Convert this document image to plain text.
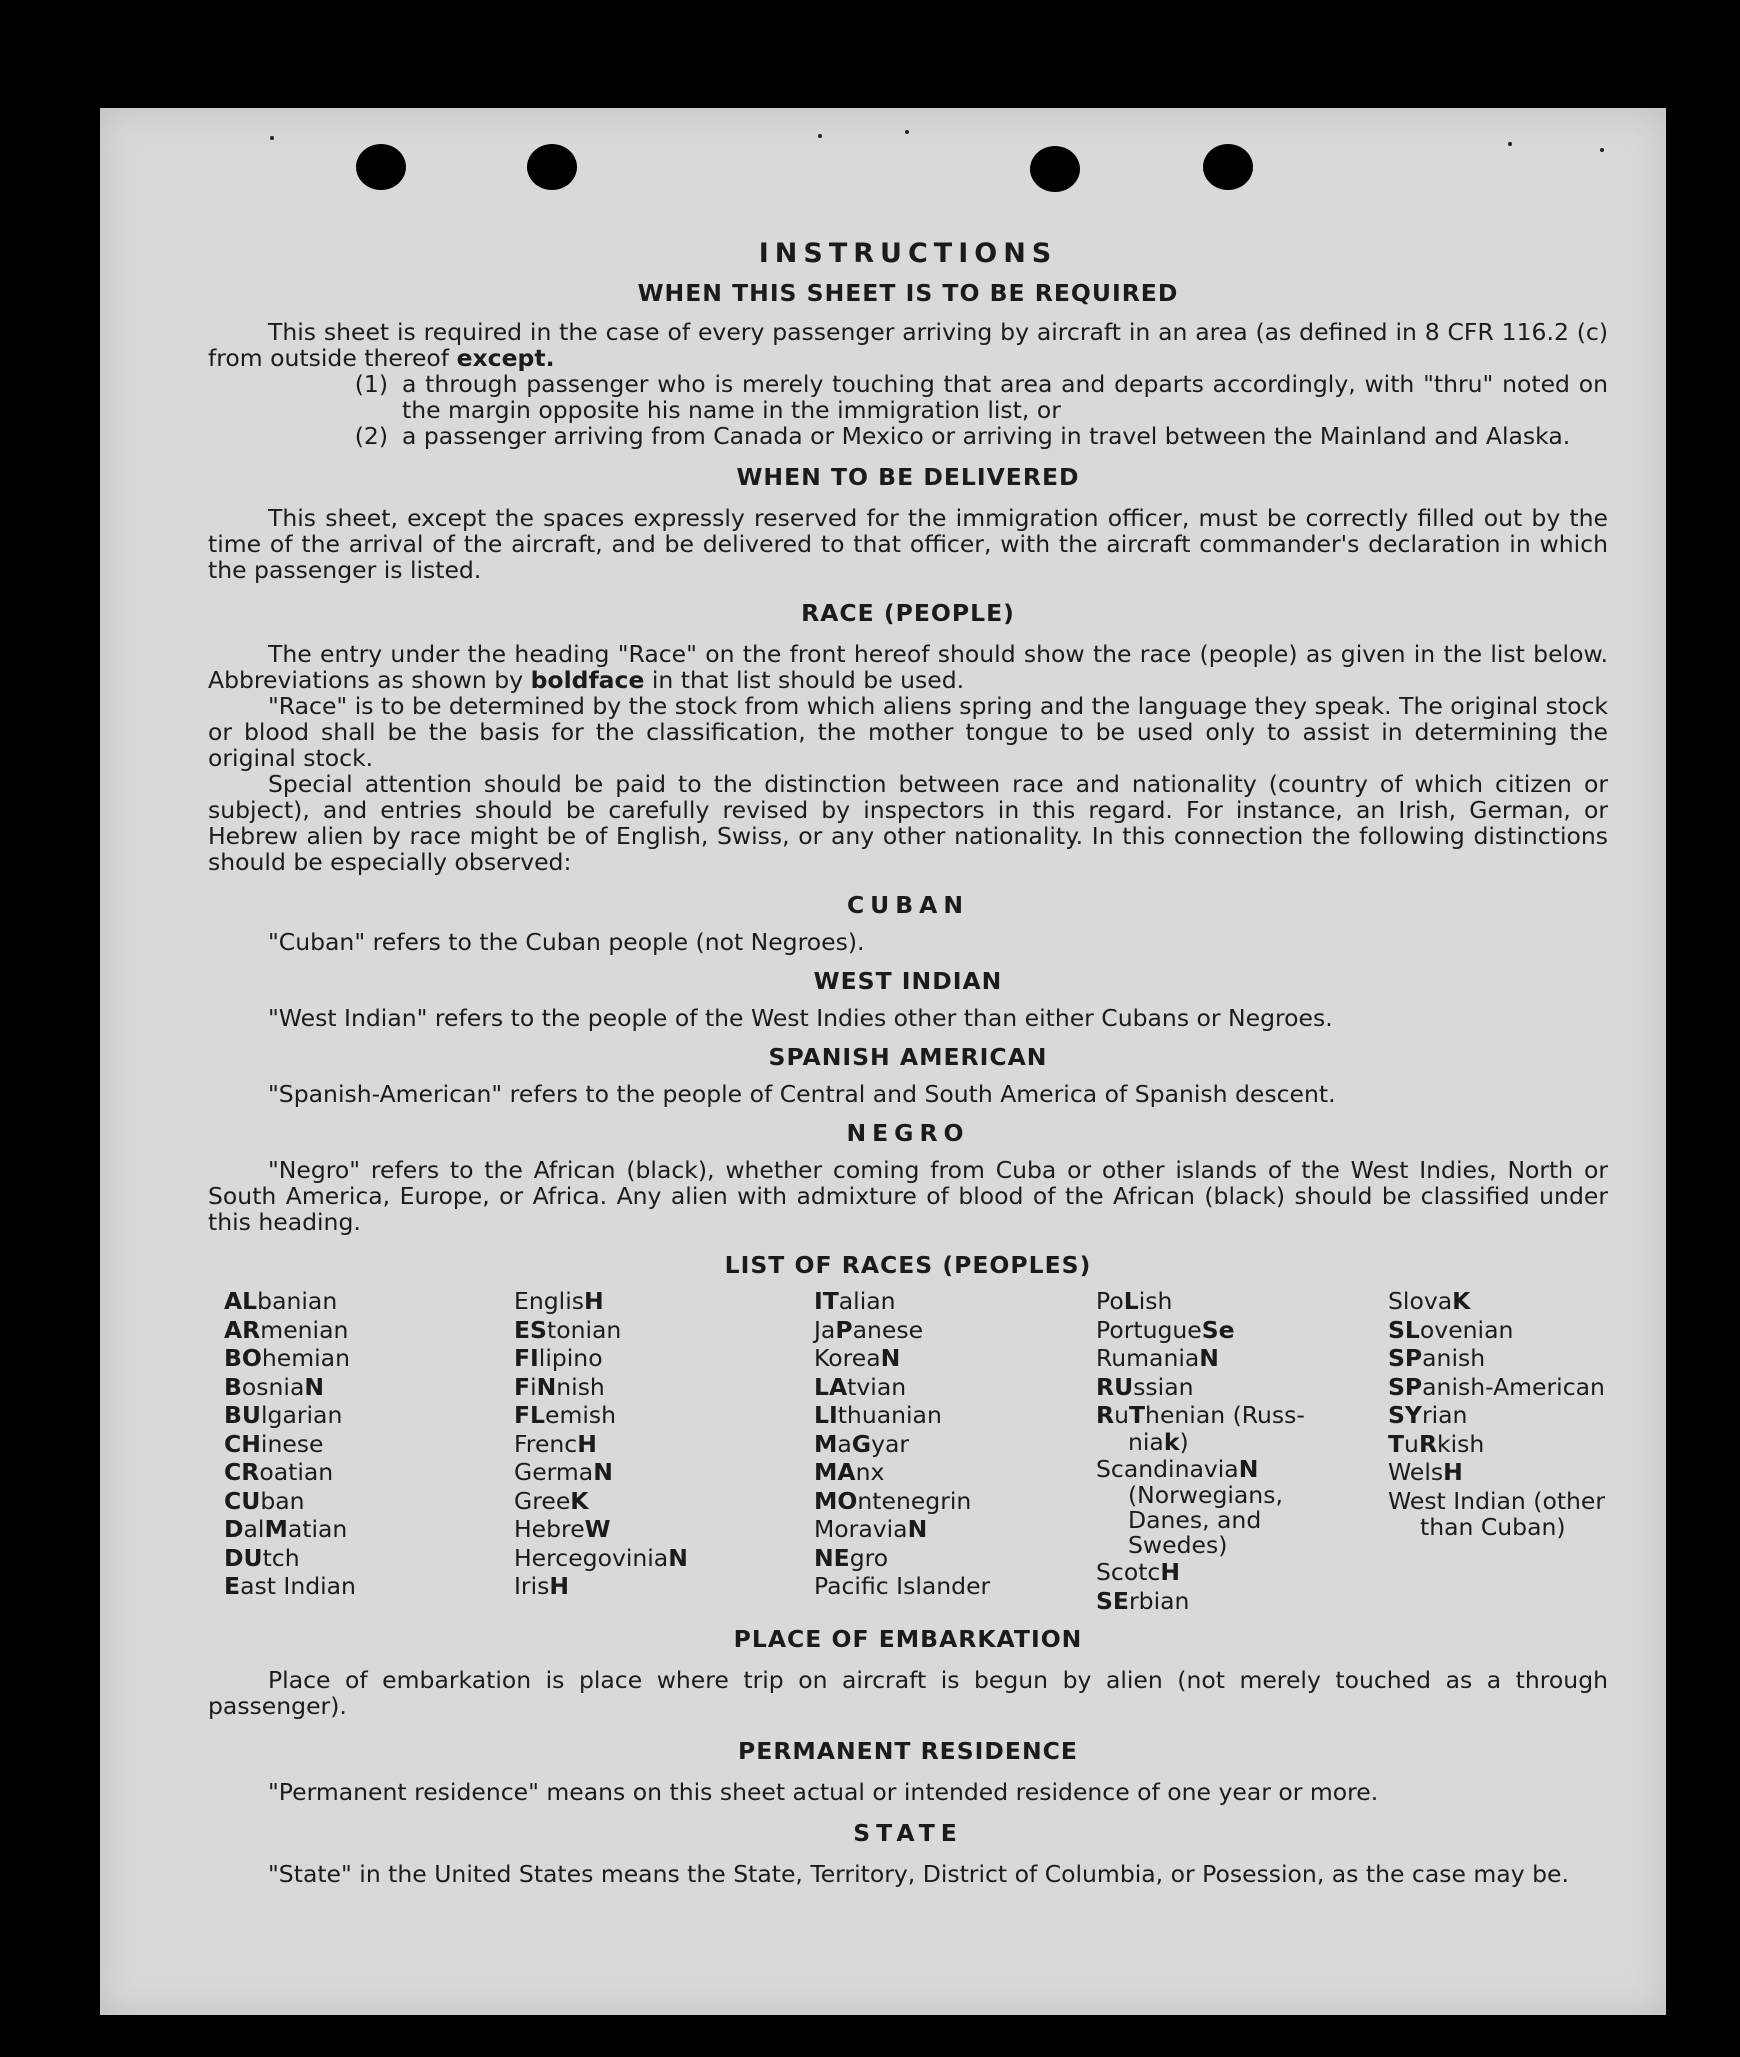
INSTRUCTIONS
WHEN THIS SHEET IS TO BE REQUIRED

This sheet is required in the case of every passenger arriving by aircraft in an area (as defined in 8 CFR 116.2 (c) from outside thereof except.

(1) a through passenger who is merely touching that area and departs accordingly, with "thru" noted on the margin opposite his name in the immigration list, or
(2) a passenger arriving from Canada or Mexico or arriving in travel between the Mainland and Alaska.
WHEN TO BE DELIVERED

This sheet, except the spaces expressly reserved for the immigration officer, must be correctly filled out by the time of the arrival of the aircraft, and be delivered to that officer, with the aircraft commander's declaration in which the passenger is listed.

RACE (PEOPLE)

The entry under the heading "Race" on the front hereof should show the race (people) as given in the list below. Abbreviations as shown by boldface in that list should be used.

"Race" is to be determined by the stock from which aliens spring and the language they speak. The original stock or blood shall be the basis for the classification, the mother tongue to be used only to assist in determining the original stock.

Special attention should be paid to the distinction between race and nationality (country of which citizen or subject), and entries should be carefully revised by inspectors in this regard. For instance, an Irish, German, or Hebrew alien by race might be of English, Swiss, or any other nationality. In this connection the following distinctions should be especially observed:

CUBAN

"Cuban" refers to the Cuban people (not Negroes).

WEST INDIAN

"West Indian" refers to the people of the West Indies other than either Cubans or Negroes.

SPANISH AMERICAN

"Spanish-American" refers to the people of Central and South America of Spanish descent.

NEGRO

"Negro" refers to the African (black), whether coming from Cuba or other islands of the West Indies, North or South America, Europe, or Africa. Any alien with admixture of blood of the African (black) should be classified under this heading.

LIST OF RACES (PEOPLES)
ALbanian
ARmenian
BOhemian
BosniaN
BUlgarian
CHinese
CRoatian
CUban
DalMatian
DUtch
East Indian
EnglisH
EStonian
FIlipino
FiNnish
FLemish
FrencH
GermaN
GreeK
HebreW
HercegoviniaN
IrisH
ITalian
JaPanese
KoreaN
LAtvian
LIthuanian
MaGyar
MAnx
MOntenegrin
MoraviaN
NEgro
Pacific Islander
PoLish
PortugueSe
RumaniaN
RUssian
RuThenian (Russ-
niak)
ScandinaviaN
(Norwegians,
Danes, and
Swedes)
ScotcH
SErbian
SlovaK
SLovenian
SPanish
SPanish-American
SYrian
TuRkish
WelsH
West Indian (other
than Cuban)
PLACE OF EMBARKATION

Place of embarkation is place where trip on aircraft is begun by alien (not merely touched as a through passenger).

PERMANENT RESIDENCE

"Permanent residence" means on this sheet actual or intended residence of one year or more.

STATE

"State" in the United States means the State, Territory, District of Columbia, or Posession, as the case may be.
